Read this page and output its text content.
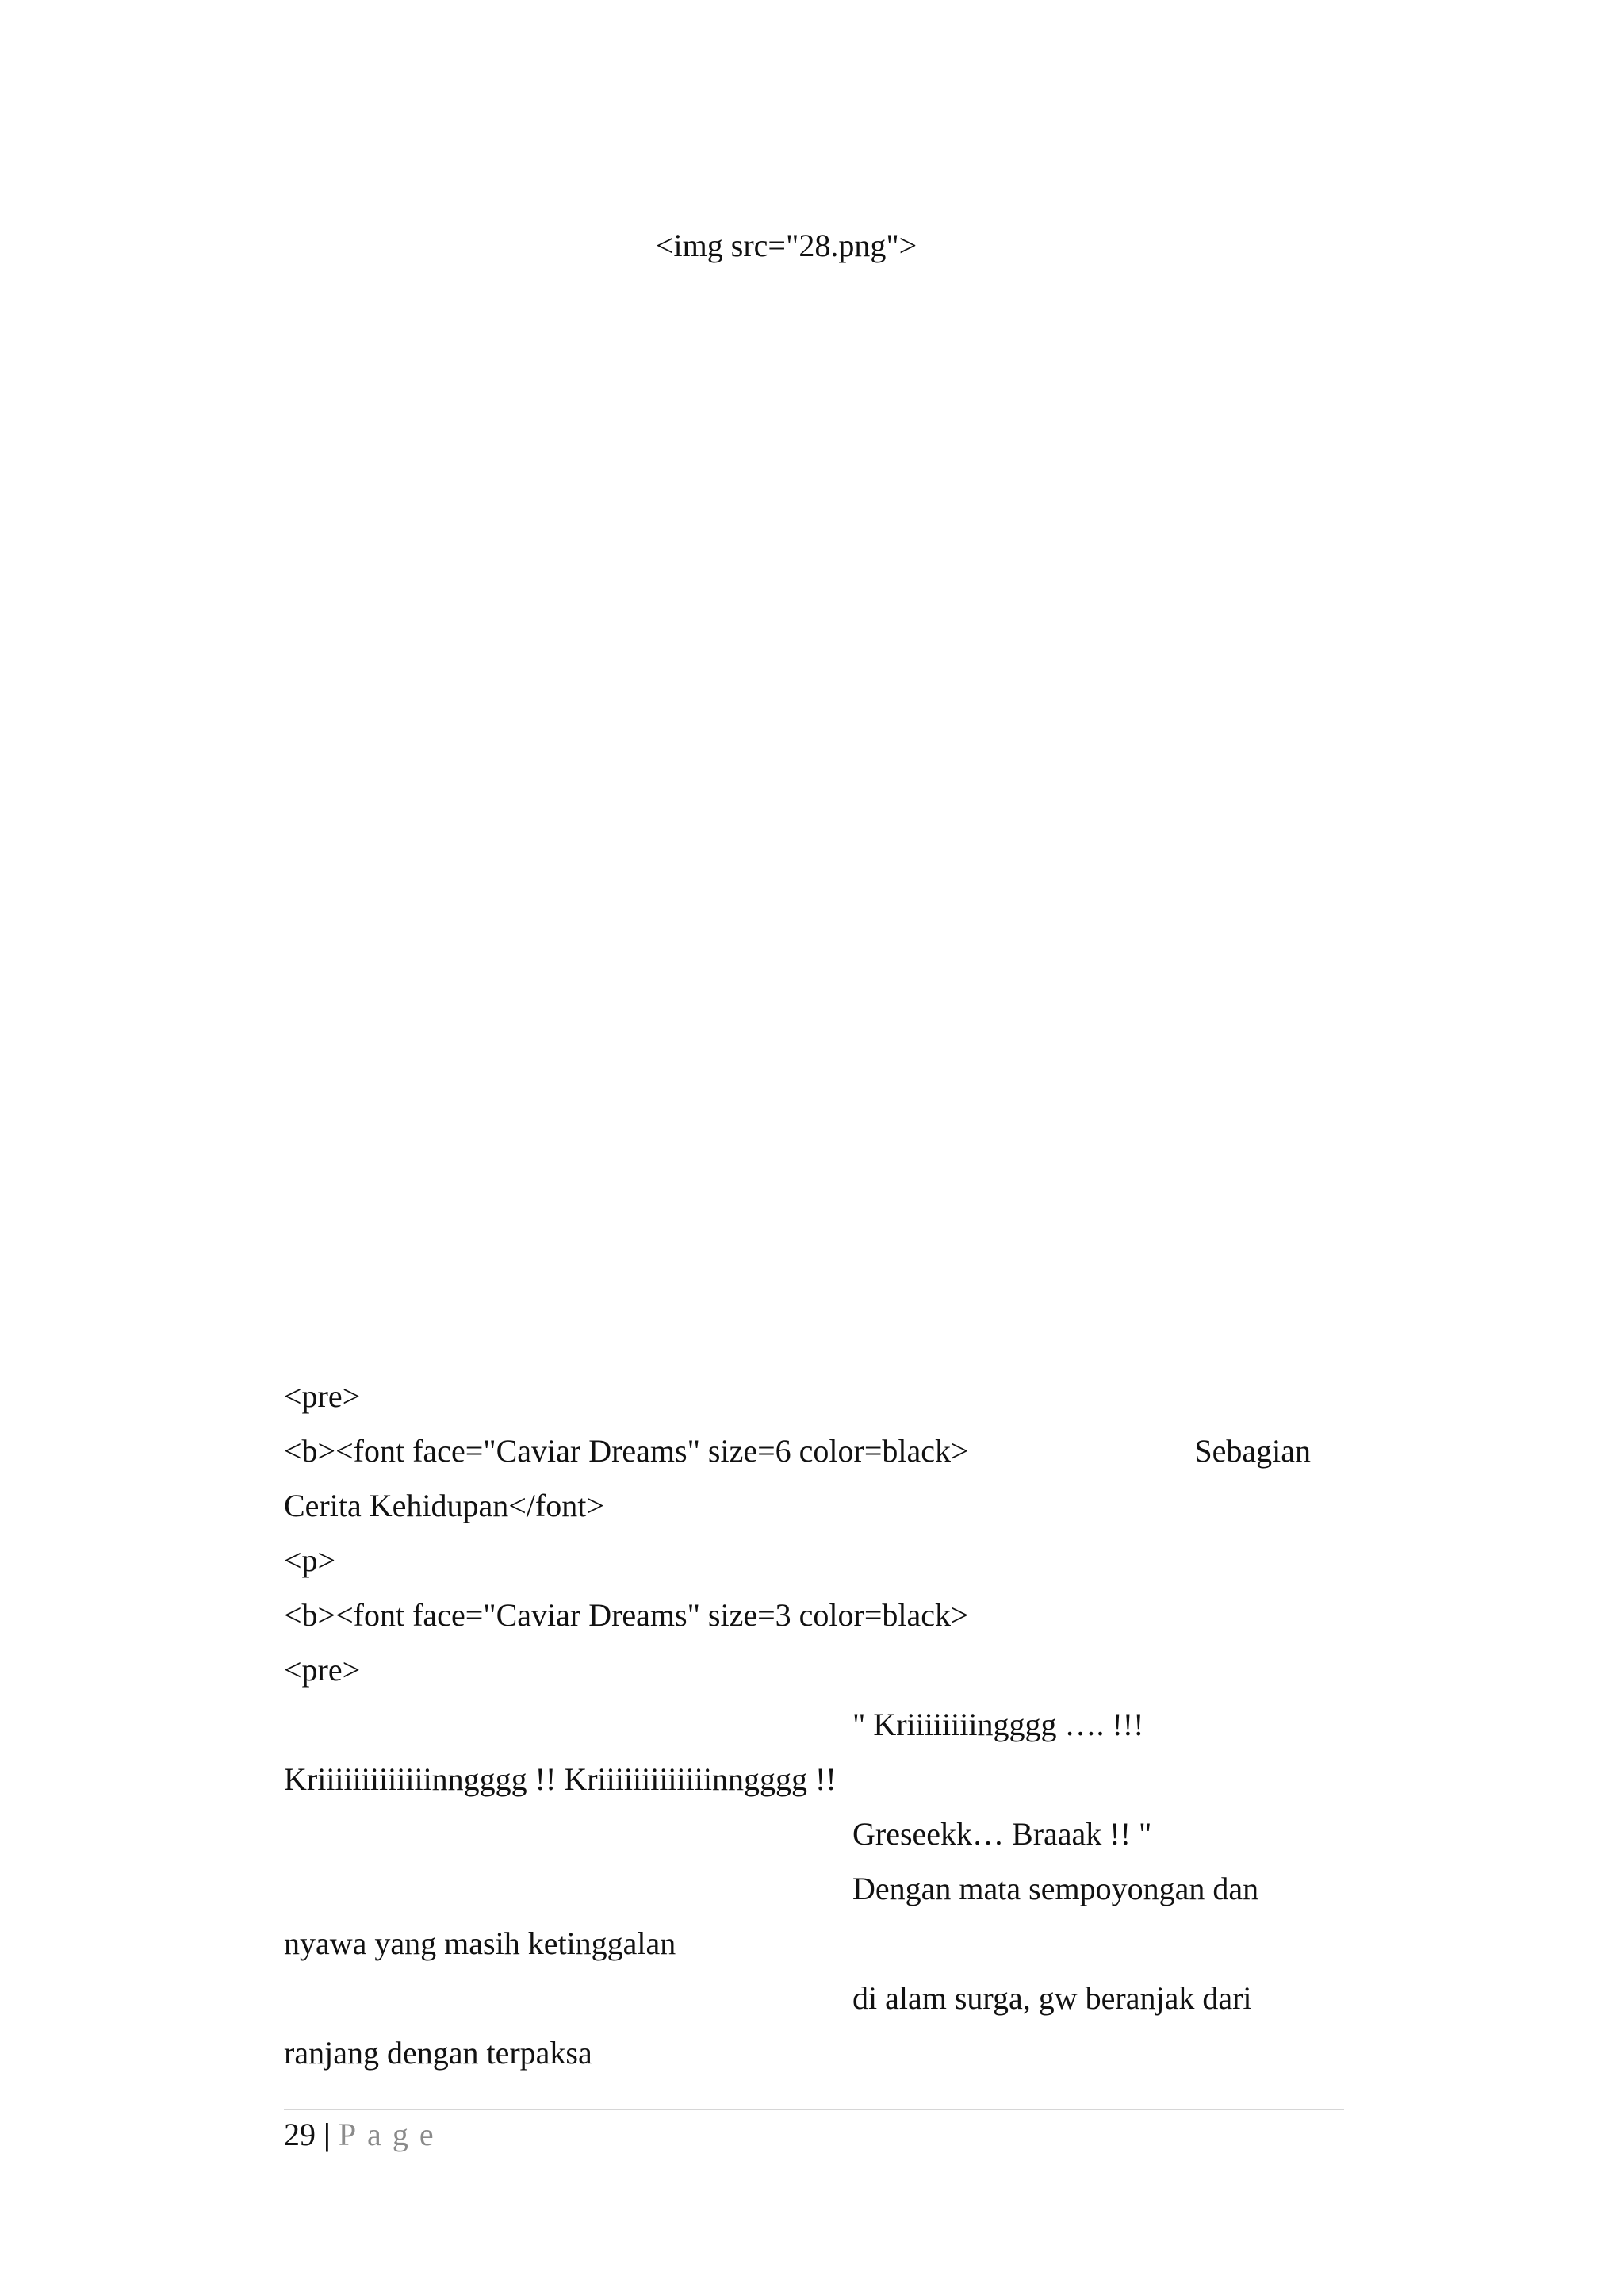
<img src="28.png">
<pre>
<b><font face="Caviar Dreams" size=6 color=black>	Sebagian
Cerita Kehidupan</font>
<p>
<b><font face="Caviar Dreams" size=3 color=black>
<pre>
" Kriiiiiiiingggg …. !!!
Kriiiiiiiiiiiiinngggg !! Kriiiiiiiiiiiiinngggg !!
Greseekk… Braaak !! "
Dengan mata sempoyongan dan
nyawa yang masih ketinggalan
di alam surga, gw beranjak dari
ranjang dengan terpaksa
29 | Page
